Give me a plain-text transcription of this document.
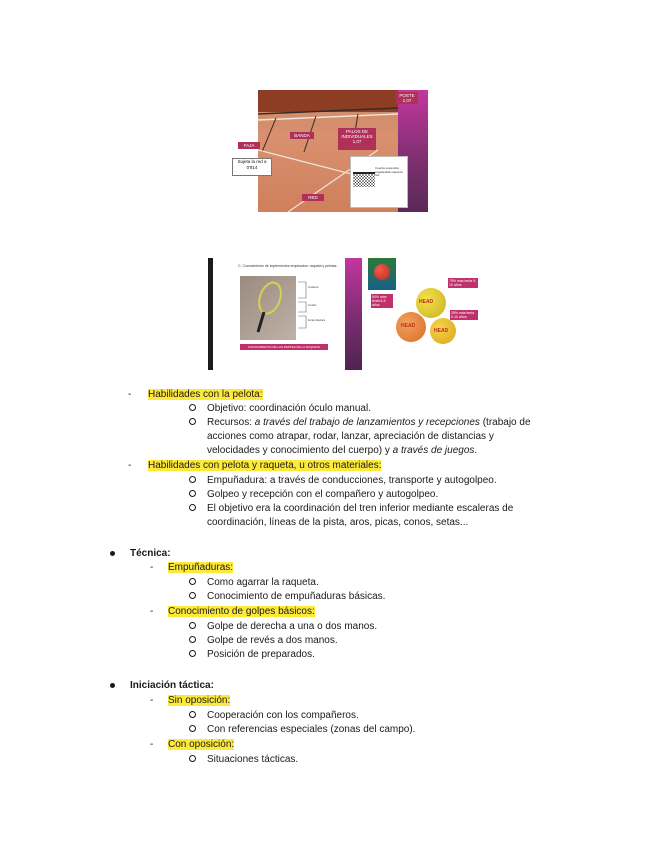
POSTE 1,07
BANDA
PALOS DE INDIVIDUALES 1,07
FAJA
Sujeta la red a 0'914
RED
Cuerda sostenida engalanada sujeta la red
C. Conocimiento de implementos empleados: raqueta y pelotas
Cabeza
Cuello
Empuñadura
CONOCIMIENTO DE LAS PARTES DE LA RAQUETA
75% más lenta 9-10 años
50% más lenta 6-9 años
25% más lenta 9-10 años
HEAD
HEAD
HEAD
- Habilidades con la pelota:
Objetivo: coordinación óculo manual.
Recursos: a través del trabajo de lanzamientos y recepciones (trabajo de
acciones como atrapar, rodar, lanzar, apreciación de distancias y
velocidades y conocimiento del cuerpo) y a través de juegos.
- Habilidades con pelota y raqueta, u otros materiales:
Empuñadura: a través de conducciones, transporte y autogolpeo.
Golpeo y recepción con el compañero y autogolpeo.
El objetivo era la coordinación del tren inferior mediante escaleras de
coordinación, líneas de la pista, aros, picas, conos, setas...
Técnica:
- Empuñaduras:
Como agarrar la raqueta.
Conocimiento de empuñaduras básicas.
- Conocimiento de golpes básicos:
Golpe de derecha a una o dos manos.
Golpe de revés a dos manos.
Posición de preparados.
Iniciación táctica:
- Sin oposición:
Cooperación con los compañeros.
Con referencias especiales (zonas del campo).
- Con oposición:
Situaciones tácticas.
